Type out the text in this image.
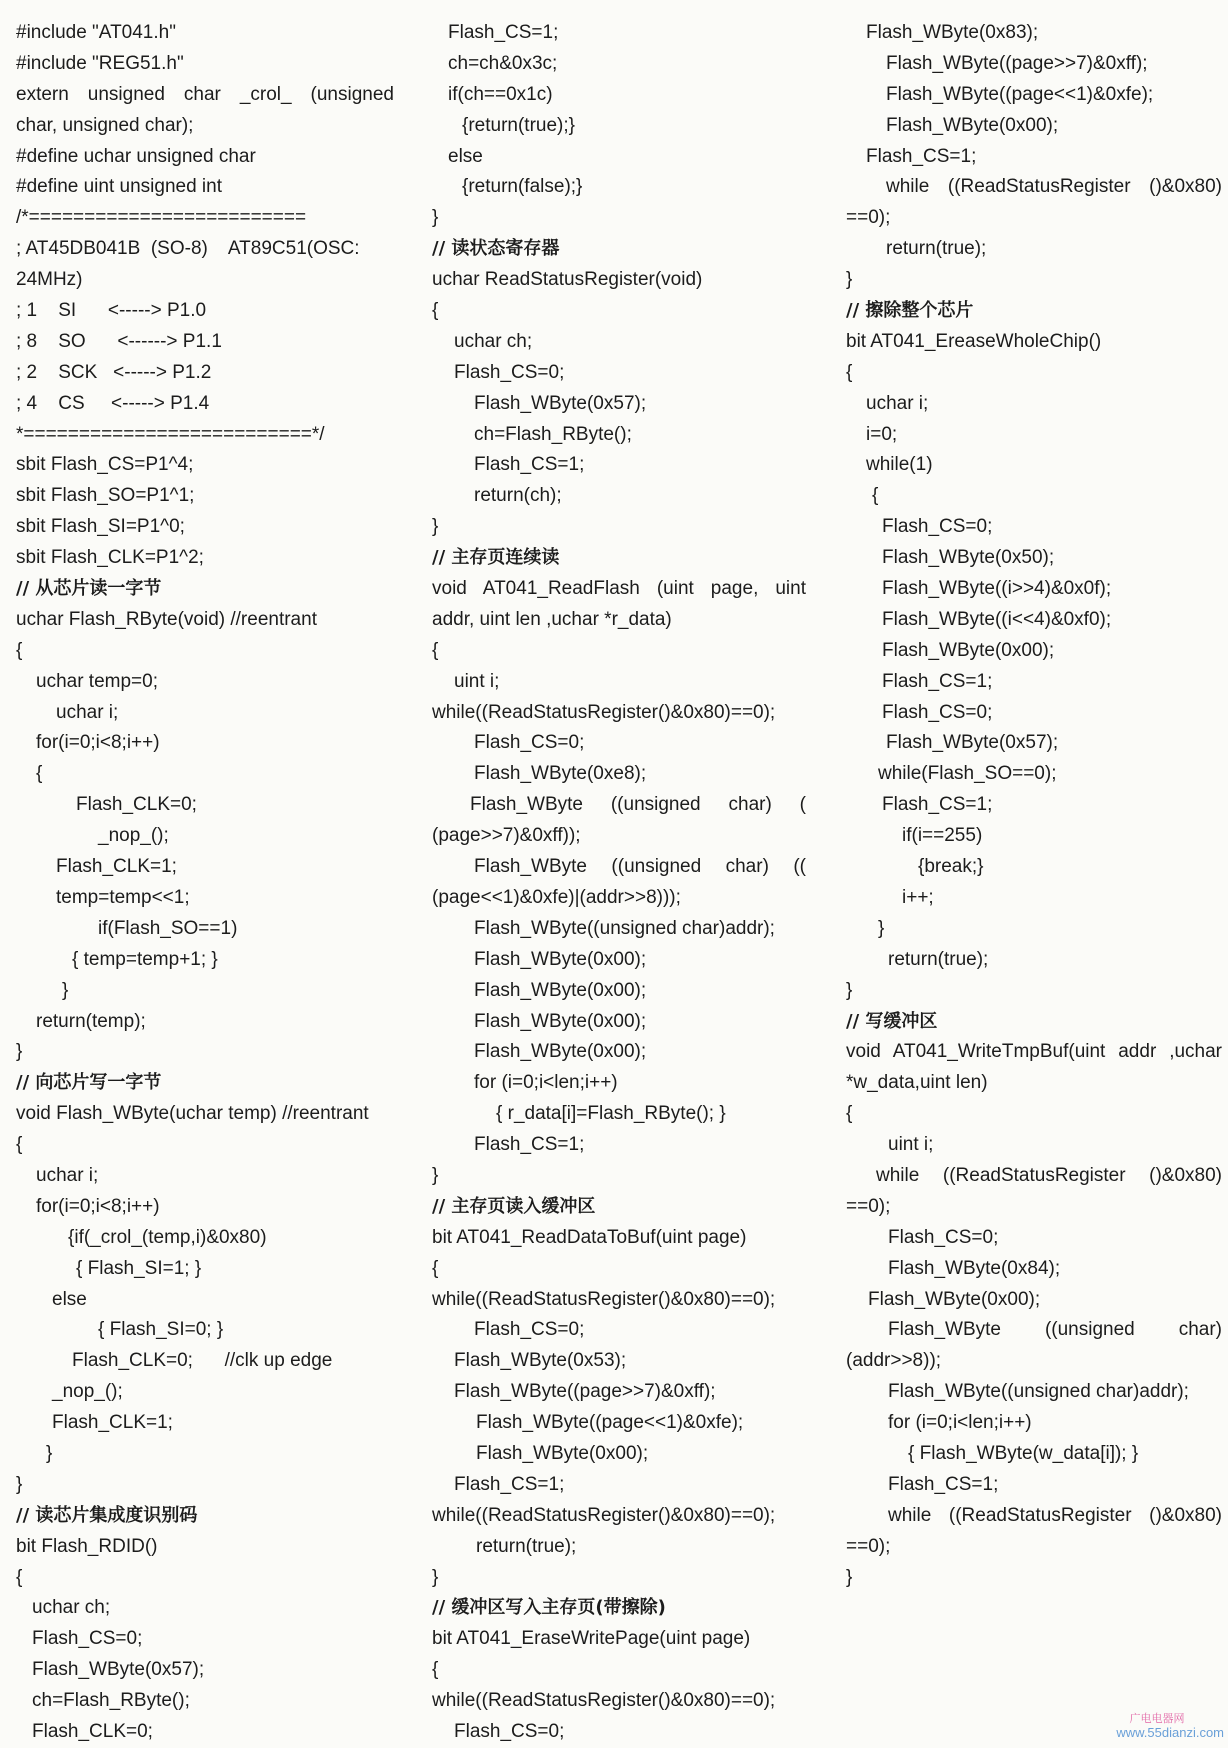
#include "AT041.h"
#include "REG51.h"
extern unsigned char _crol_ (unsigned
char, unsigned char);
#define uchar unsigned char
#define uint unsigned int
/*=========================
; AT45DB041B  (SO-8)    AT89C51(OSC:
24MHz)
; 1    SI      <-----> P1.0
; 8    SO      <------> P1.1
; 2    SCK   <-----> P1.2
; 4    CS     <-----> P1.4
*==========================*/
sbit Flash_CS=P1^4;
sbit Flash_SO=P1^1;
sbit Flash_SI=P1^0;
sbit Flash_CLK=P1^2;
// 从芯片读一字节
uchar Flash_RByte(void) //reentrant
{
uchar temp=0;
uchar i;
for(i=0;i<8;i++)
{
Flash_CLK=0;
_nop_();
Flash_CLK=1;
temp=temp<<1;
if(Flash_SO==1)
{ temp=temp+1; }
}
return(temp);
}
// 向芯片写一字节
void Flash_WByte(uchar temp) //reentrant
{
uchar i;
for(i=0;i<8;i++)
{if(_crol_(temp,i)&0x80)
{ Flash_SI=1; }
else
{ Flash_SI=0; }
Flash_CLK=0;      //clk up edge
_nop_();
Flash_CLK=1;
}
}
// 读芯片集成度识别码
bit Flash_RDID()
{
uchar ch;
Flash_CS=0;
Flash_WByte(0x57);
ch=Flash_RByte();
Flash_CLK=0;
Flash_CS=1;
ch=ch&0x3c;
if(ch==0x1c)
{return(true);}
else
{return(false);}
}
// 读状态寄存器
uchar ReadStatusRegister(void)
{
uchar ch;
Flash_CS=0;
Flash_WByte(0x57);
ch=Flash_RByte();
Flash_CS=1;
return(ch);
}
// 主存页连续读
void AT041_ReadFlash (uint page, uint
addr, uint len ,uchar *r_data)
{
uint i;
while((ReadStatusRegister()&0x80)==0);
Flash_CS=0;
Flash_WByte(0xe8);
Flash_WByte ((unsigned char) (
(page>>7)&0xff));
Flash_WByte ((unsigned char) ((
(page<<1)&0xfe)|(addr>>8)));
Flash_WByte((unsigned char)addr);
Flash_WByte(0x00);
Flash_WByte(0x00);
Flash_WByte(0x00);
Flash_WByte(0x00);
for (i=0;i<len;i++)
{ r_data[i]=Flash_RByte(); }
Flash_CS=1;
}
// 主存页读入缓冲区
bit AT041_ReadDataToBuf(uint page)
{
while((ReadStatusRegister()&0x80)==0);
Flash_CS=0;
Flash_WByte(0x53);
Flash_WByte((page>>7)&0xff);
Flash_WByte((page<<1)&0xfe);
Flash_WByte(0x00);
Flash_CS=1;
while((ReadStatusRegister()&0x80)==0);
return(true);
}
// 缓冲区写入主存页(带擦除)
bit AT041_EraseWritePage(uint page)
{
while((ReadStatusRegister()&0x80)==0);
Flash_CS=0;
Flash_WByte(0x83);
Flash_WByte((page>>7)&0xff);
Flash_WByte((page<<1)&0xfe);
Flash_WByte(0x00);
Flash_CS=1;
while ((ReadStatusRegister ()&0x80)
==0);
return(true);
}
// 擦除整个芯片
bit AT041_EreaseWholeChip()
{
uchar i;
i=0;
while(1)
{
Flash_CS=0;
Flash_WByte(0x50);
Flash_WByte((i>>4)&0x0f);
Flash_WByte((i<<4)&0xf0);
Flash_WByte(0x00);
Flash_CS=1;
Flash_CS=0;
Flash_WByte(0x57);
while(Flash_SO==0);
Flash_CS=1;
if(i==255)
{break;}
i++;
}
return(true);
}
// 写缓冲区
void AT041_WriteTmpBuf(uint addr ,uchar
*w_data,uint len)
{
uint i;
while ((ReadStatusRegister ()&0x80)
==0);
Flash_CS=0;
Flash_WByte(0x84);
Flash_WByte(0x00);
Flash_WByte ((unsigned char)
(addr>>8));
Flash_WByte((unsigned char)addr);
for (i=0;i<len;i++)
{ Flash_WByte(w_data[i]); }
Flash_CS=1;
while ((ReadStatusRegister ()&0x80)
==0);
}
广电电器网
www.55dianzi.com
